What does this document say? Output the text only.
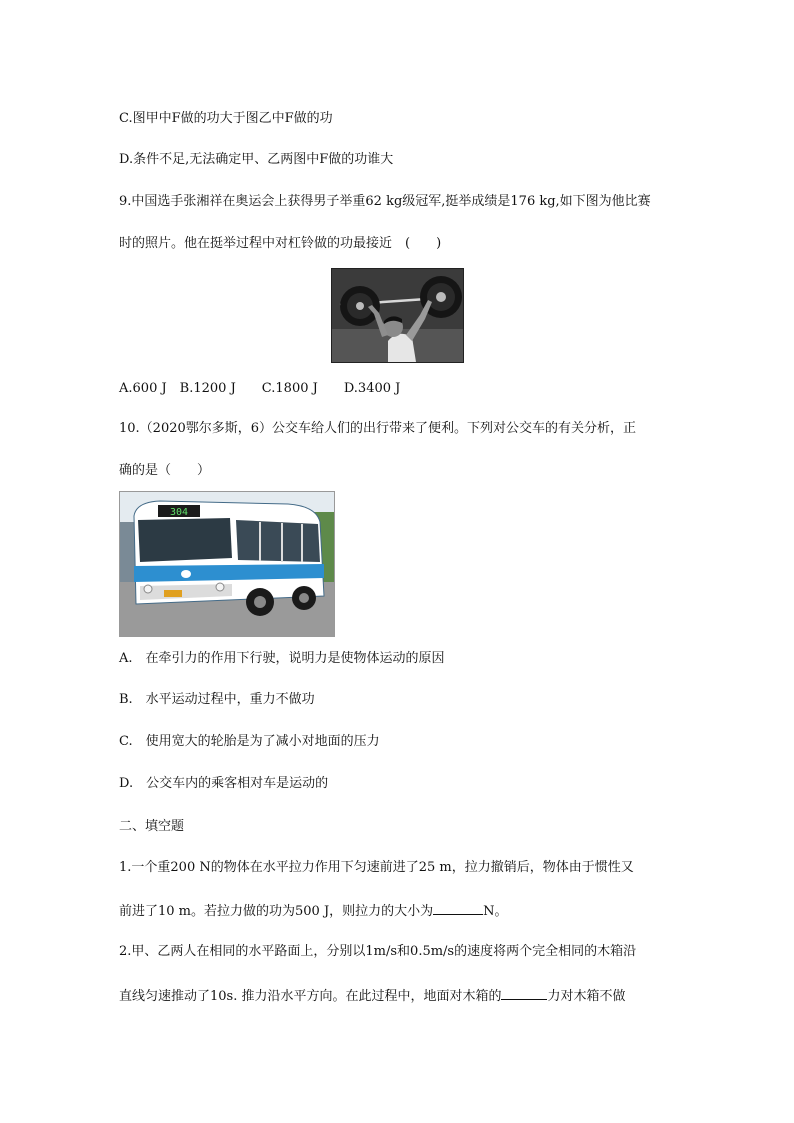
C.图甲中F做的功大于图乙中F做的功
D.条件不足,无法确定甲、乙两图中F做的功谁大
9.中国选手张湘祥在奥运会上获得男子举重62 kg级冠军,挺举成绩是176 kg,如下图为他比赛
时的照片。他在挺举过程中对杠铃做的功最接近　(　　)
A.600 J　B.1200 J　　C.1800 J　　D.3400 J
10.（2020鄂尔多斯，6）公交车给人们的出行带来了便利。下列对公交车的有关分析，正
确的是（　　）
304
A.　在牵引力的作用下行驶，说明力是使物体运动的原因
B.　水平运动过程中，重力不做功
C.　使用宽大的轮胎是为了减小对地面的压力
D.　公交车内的乘客相对车是运动的
二、填空题
1.一个重200 N的物体在水平拉力作用下匀速前进了25 m，拉力撤销后，物体由于惯性又
前进了10 m。若拉力做的功为500 J，则拉力的大小为	N。
2.甲、乙两人在相同的水平路面上，分别以1m/s和0.5m/s的速度将两个完全相同的木箱沿
直线匀速推动了10s. 推力沿水平方向。在此过程中，地面对木箱的	力对木箱不做
